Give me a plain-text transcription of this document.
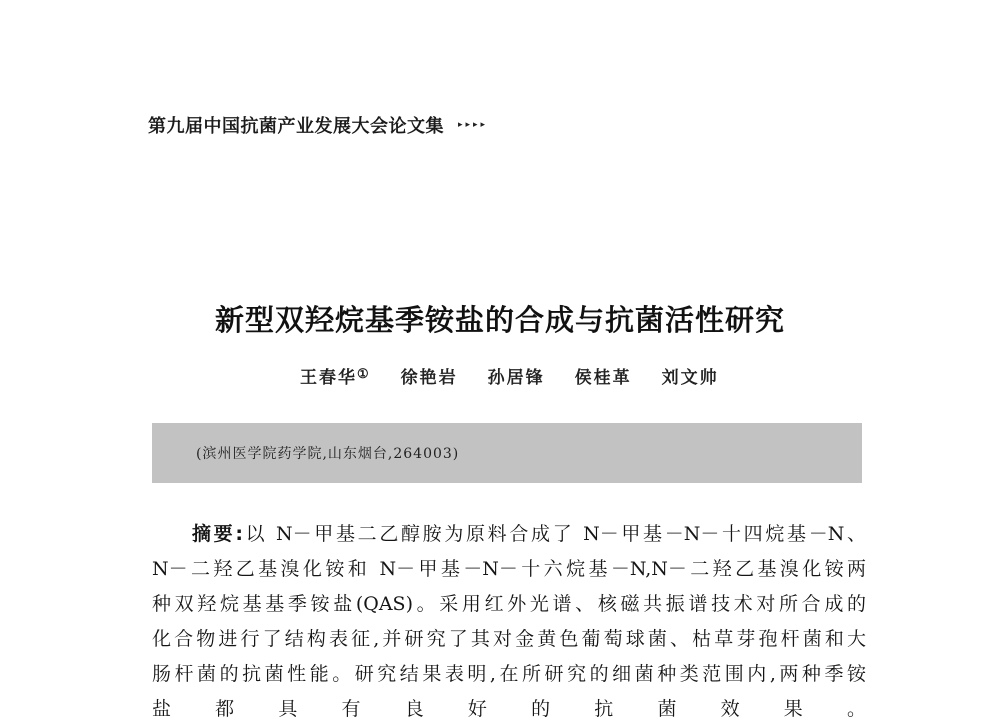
第九届中国抗菌产业发展大会论文集 ▸▸▸▸
新型双羟烷基季铵盐的合成与抗菌活性研究
王春华① 徐艳岩 孙居锋 侯桂革 刘文帅
(滨州医学院药学院,山东烟台,264003)
摘要:以 N－甲基二乙醇胺为原料合成了 N－甲基－N－十四烷基－N、
N－二羟乙基溴化铵和 N－甲基－N－十六烷基－N,N－二羟乙基溴化铵两
种双羟烷基基季铵盐(QAS)。采用红外光谱、核磁共振谱技术对所合成的
化合物进行了结构表征,并研究了其对金黄色葡萄球菌、枯草芽孢杆菌和大
肠杆菌的抗菌性能。研究结果表明,在所研究的细菌种类范围内,两种季铵
盐都具有良好的抗菌效果。
